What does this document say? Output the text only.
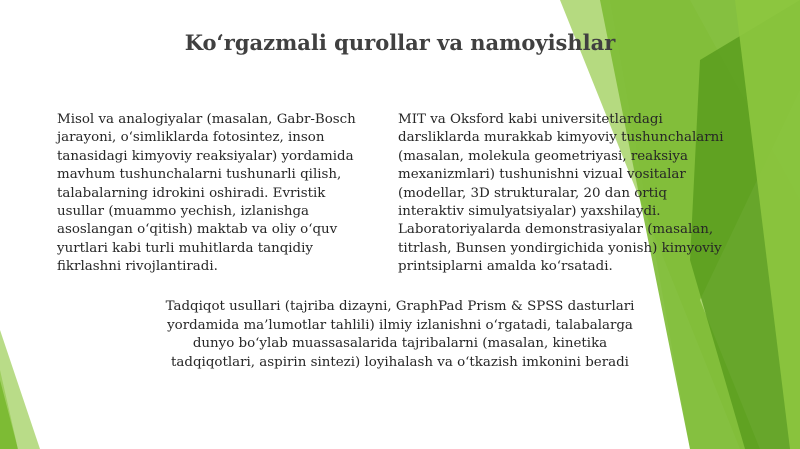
Ko‘rgazmali qurollar va namoyishlar
Misol va analogiyalar (masalan, Gabr-Bosch
jarayoni, o‘simliklarda fotosintez, inson
tanasidagi kimyoviy reaksiyalar) yordamida
mavhum tushunchalarni tushunarli qilish,
talabalarning idrokini oshiradi. Evristik
usullar (muammo yechish, izlanishga
asoslangan o‘qitish) maktab va oliy o‘quv
yurtlari kabi turli muhitlarda tanqidiy
fikrlashni rivojlantiradi.
MIT va Oksford kabi universitetlardagi
darsliklarda murakkab kimyoviy tushunchalarni
(masalan, molekula geometriyasi, reaksiya
mexanizmlari) tushunishni vizual vositalar
(modellar, 3D strukturalar, 20 dan ortiq
interaktiv simulyatsiyalar) yaxshilaydi.
Laboratoriyalarda demonstrasiyalar (masalan,
titrlash, Bunsen yondirgichida yonish) kimyoviy
printsiplarni amalda ko‘rsatadi.
Tadqiqot usullari (tajriba dizayni, GraphPad Prism & SPSS dasturlari
yordamida ma’lumotlar tahlili) ilmiy izlanishni o‘rgatadi, talabalarga
dunyo bo‘ylab muassasalarida tajribalarni (masalan, kinetika
tadqiqotlari, aspirin sintezi) loyihalash va o‘tkazish imkonini beradi
